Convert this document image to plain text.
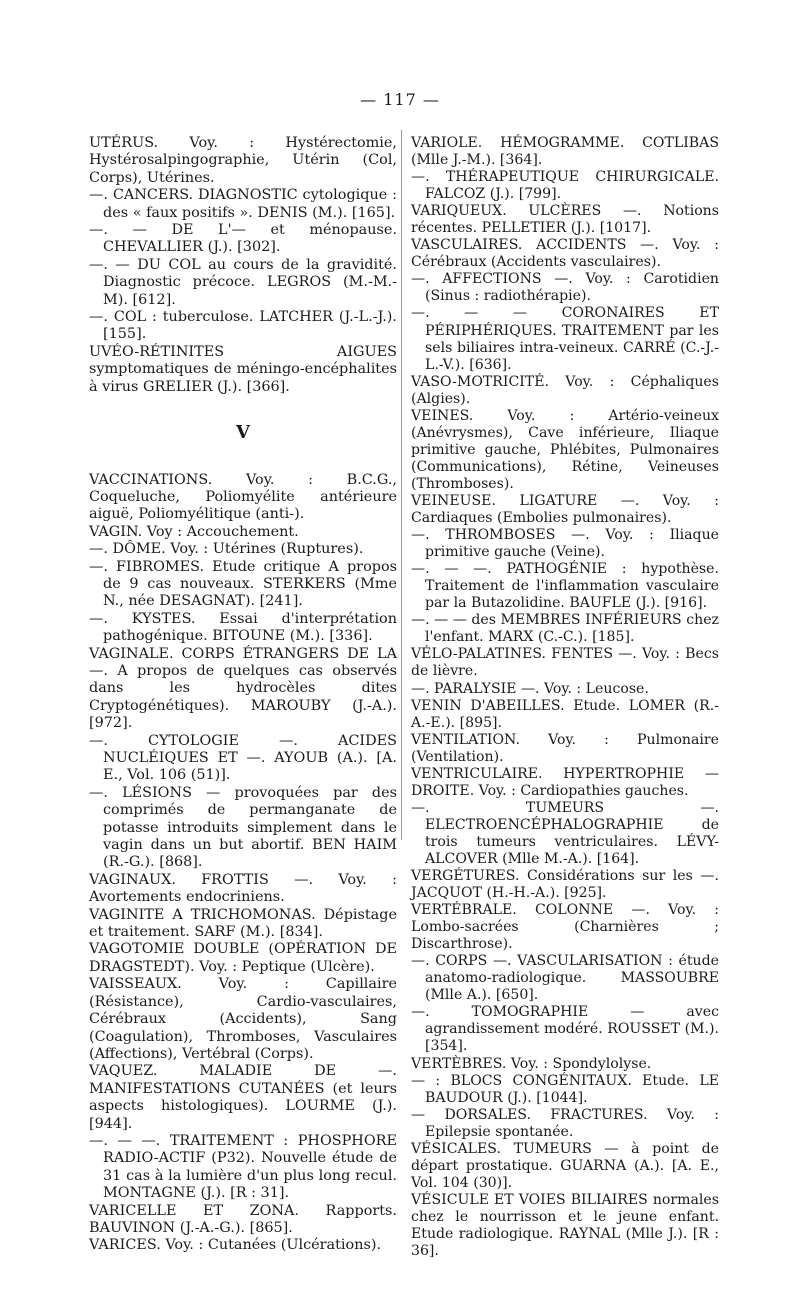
— 117 —

UTÉRUS. Voy. : Hystérectomie, Hystérosalpingographie, Utérin (Col, Corps), Utérines.

—. CANCERS. DIAGNOSTIC cytologique : des « faux positifs ». DENIS (M.). [165].

—. — DE L'— et ménopause. CHEVALLIER (J.). [302].

—. — DU COL au cours de la gravidité. Diagnostic précoce. LEGROS (M.-M.-M). [612].

—. COL : tuberculose. LATCHER (J.-L.-J.). [155].

UVÉO-RÉTINITES AIGUES symptomatiques de méningo-encéphalites à virus GRELIER (J.). [366].

V

VACCINATIONS. Voy. : B.C.G., Coqueluche, Poliomyélite antérieure aiguë, Poliomyélitique (anti-).

VAGIN. Voy : Accouchement.

—. DÔME. Voy. : Utérines (Ruptures).

—. FIBROMES. Etude critique A propos de 9 cas nouveaux. STERKERS (Mme N., née DESAGNAT). [241].

—. KYSTES. Essai d'interprétation pathogénique. BITOUNE (M.). [336].

VAGINALE. CORPS ÉTRANGERS DE LA —. A propos de quelques cas observés dans les hydrocèles dites Cryptogénétiques). MAROUBY (J.-A.). [972].

—. CYTOLOGIE —. ACIDES NUCLÉIQUES ET —. AYOUB (A.). [A. E., Vol. 106 (51)].

—. LÉSIONS — provoquées par des comprimés de permanganate de potasse introduits simplement dans le vagin dans un but abortif. BEN HAIM (R.-G.). [868].

VAGINAUX. FROTTIS —. Voy. : Avortements endocriniens.

VAGINITE A TRICHOMONAS. Dépistage et traitement. SARF (M.). [834].

VAGOTOMIE DOUBLE (OPÉRATION DE DRAGSTEDT). Voy. : Peptique (Ulcère).

VAISSEAUX. Voy. : Capillaire (Résistance), Cardio-vasculaires, Cérébraux (Accidents), Sang (Coagulation), Thromboses, Vasculaires (Affections), Vertébral (Corps).

VAQUEZ. MALADIE DE —. MANIFESTATIONS CUTANÉES (et leurs aspects histologiques). LOURME (J.). [944].

—. — —. TRAITEMENT : PHOSPHORE RADIO-ACTIF (P32). Nouvelle étude de 31 cas à la lumière d'un plus long recul. MONTAGNE (J.). [R : 31].

VARICELLE ET ZONA. Rapports. BAUVINON (J.-A.-G.). [865].

VARICES. Voy. : Cutanées (Ulcérations).

VARIOLE. HÉMOGRAMME. COTLIBAS (Mlle J.-M.). [364].

—. THÉRAPEUTIQUE CHIRURGICALE. FALCOZ (J.). [799].

VARIQUEUX. ULCÈRES —. Notions récentes. PELLETIER (J.). [1017].

VASCULAIRES. ACCIDENTS —. Voy. : Cérébraux (Accidents vasculaires).

—. AFFECTIONS —. Voy. : Carotidien (Sinus : radiothérapie).

—. — — CORONAIRES ET PÉRIPHÉRIQUES. TRAITEMENT par les sels biliaires intra-veineux. CARRÉ (C.-J.-L.-V.). [636].

VASO-MOTRICITÉ. Voy. : Céphaliques (Algies).

VEINES. Voy. : Artério-veineux (Anévrysmes), Cave inférieure, Iliaque primitive gauche, Phlébites, Pulmonaires (Communications), Rétine, Veineuses (Thromboses).

VEINEUSE. LIGATURE —. Voy. : Cardiaques (Embolies pulmonaires).

—. THROMBOSES —. Voy. : Iliaque primitive gauche (Veine).

—. — —. PATHOGÉNIE : hypothèse. Traitement de l'inflammation vasculaire par la Butazolidine. BAUFLE (J.). [916].

—. — — des MEMBRES INFÉRIEURS chez l'enfant. MARX (C.-C.). [185].

VÉLO-PALATINES. FENTES —. Voy. : Becs de lièvre.

—. PARALYSIE —. Voy. : Leucose.

VENIN D'ABEILLES. Etude. LOMER (R.-A.-E.). [895].

VENTILATION. Voy. : Pulmonaire (Ventilation).

VENTRICULAIRE. HYPERTROPHIE — DROITE. Voy. : Cardiopathies gauches.

—. TUMEURS —. ELECTROENCÉPHALOGRAPHIE de trois tumeurs ventriculaires. LÉVY-ALCOVER (Mlle M.-A.). [164].

VERGÉTURES. Considérations sur les —. JACQUOT (H.-H.-A.). [925].

VERTÉBRALE. COLONNE —. Voy. : Lombo-sacrées (Charnières ; Discarthrose).

—. CORPS —. VASCULARISATION : étude anatomo-radiologique. MASSOUBRE (Mlle A.). [650].

—. TOMOGRAPHIE — avec agrandissement modéré. ROUSSET (M.). [354].

VERTÈBRES. Voy. : Spondylolyse.

— : BLOCS CONGÉNITAUX. Etude. LE BAUDOUR (J.). [1044].

— DORSALES. FRACTURES. Voy. : Epilepsie spontanée.

VÉSICALES. TUMEURS — à point de départ prostatique. GUARNA (A.). [A. E., Vol. 104 (30)].

VÉSICULE ET VOIES BILIAIRES normales chez le nourrisson et le jeune enfant. Etude radiologique. RAYNAL (Mlle J.). [R : 36].
